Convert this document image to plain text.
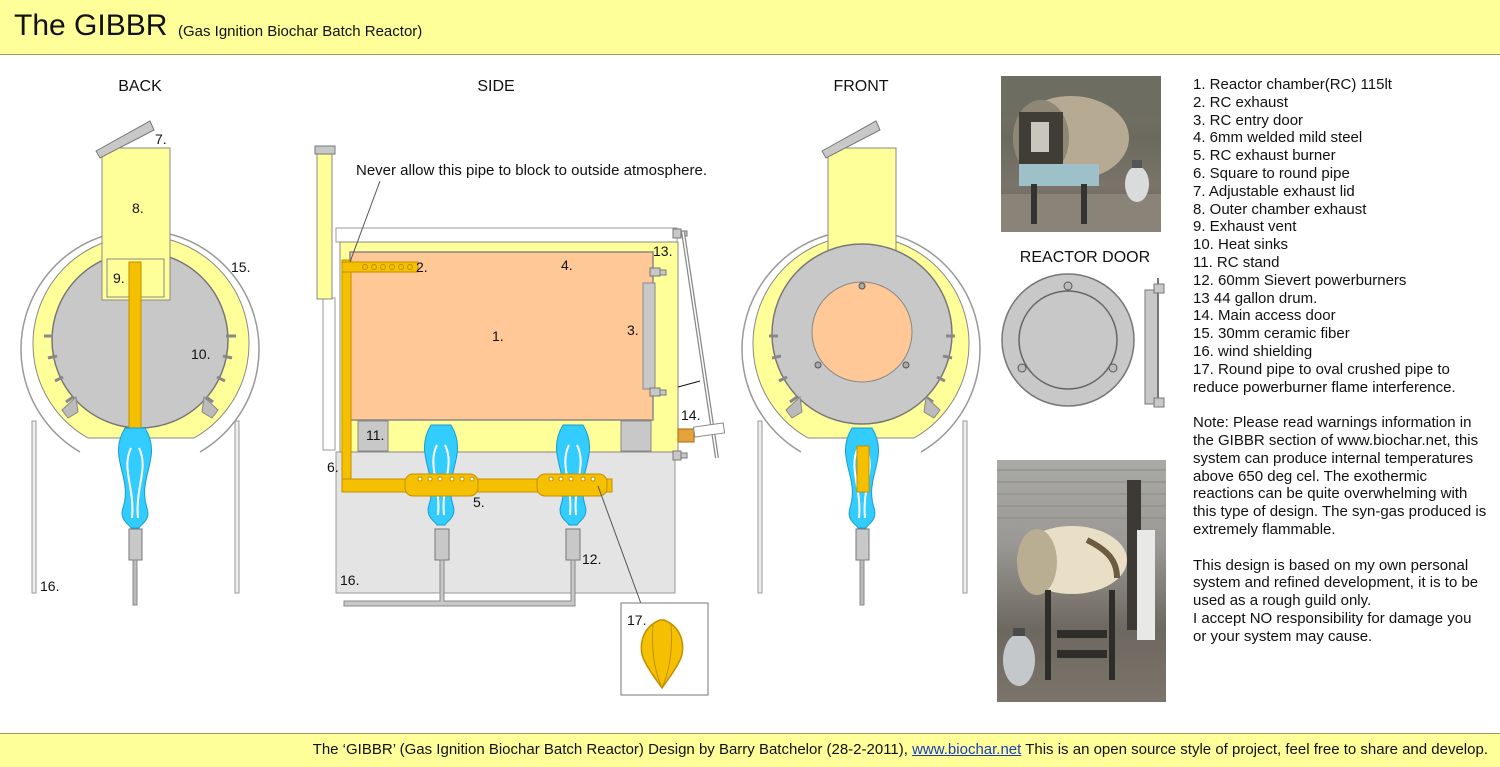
The GIBBR (Gas Ignition Biochar Batch Reactor)
BACK	SIDE	FRONT
REACTOR DOOR
7.
8.
9.
15.
10.
16.
Never allow this pipe to block to outside atmosphere.
2.	4.
1.	3.
13.
14.
11.
6.
5.
12.
16.
17.
1. Reactor chamber(RC) 115lt
2. RC exhaust
3. RC entry door
4. 6mm welded mild steel
5. RC exhaust burner
6. Square to round pipe
7. Adjustable exhaust lid
8. Outer chamber exhaust
9. Exhaust vent
10. Heat sinks
11. RC stand
12. 60mm Sievert powerburners
13 44 gallon drum.
14. Main access door
15. 30mm ceramic fiber
16. wind shielding
17. Round pipe to oval crushed pipe to reduce powerburner flame interference.
Note: Please read warnings information in the GIBBR section of www.biochar.net, this system can produce internal temperatures above 650 deg cel. The exothermic reactions can be quite overwhelming with this type of design. The syn-gas produced is extremely flammable.
This design is based on my own personal system and refined development, it is to be used as a rough guild only.
I accept NO responsibility for damage you or your system may cause.
The ‘GIBBR’ (Gas Ignition Biochar Batch Reactor) Design by Barry Batchelor (28-2-2011), www.biochar.net This is an open source style of project, feel free to share and develop.
